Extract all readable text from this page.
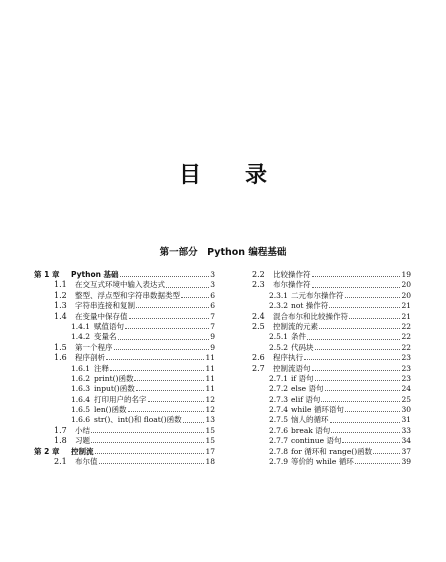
目　　录
第一部分　Python 编程基础
第 1 章	Python 基础	3
1.1	在交互式环境中输入表达式	3
1.2	整型、浮点型和字符串数据类型	6
1.3	字符串连接和复制	6
1.4	在变量中保存值	7
1.4.1 赋值语句	7
1.4.2 变量名	9
1.5	第一个程序	9
1.6	程序剖析	11
1.6.1 注释	11
1.6.2 print()函数	11
1.6.3 input()函数	11
1.6.4 打印用户的名字	12
1.6.5 len()函数	12
1.6.6 str()、int()和 float()函数	13
1.7	小结	15
1.8	习题	15
第 2 章	控制流	17
2.1	布尔值	18
2.2	比较操作符	19
2.3	布尔操作符	20
2.3.1 二元布尔操作符	20
2.3.2 not 操作符	21
2.4	混合布尔和比较操作符	21
2.5	控制流的元素	22
2.5.1 条件	22
2.5.2 代码块	22
2.6	程序执行	23
2.7	控制流语句	23
2.7.1 if 语句	23
2.7.2 else 语句	24
2.7.3 elif 语句	25
2.7.4 while 循环语句	30
2.7.5 恼人的循环	31
2.7.6 break 语句	33
2.7.7 continue 语句	34
2.7.8 for 循环和 range()函数	37
2.7.9 等价的 while 循环	39
